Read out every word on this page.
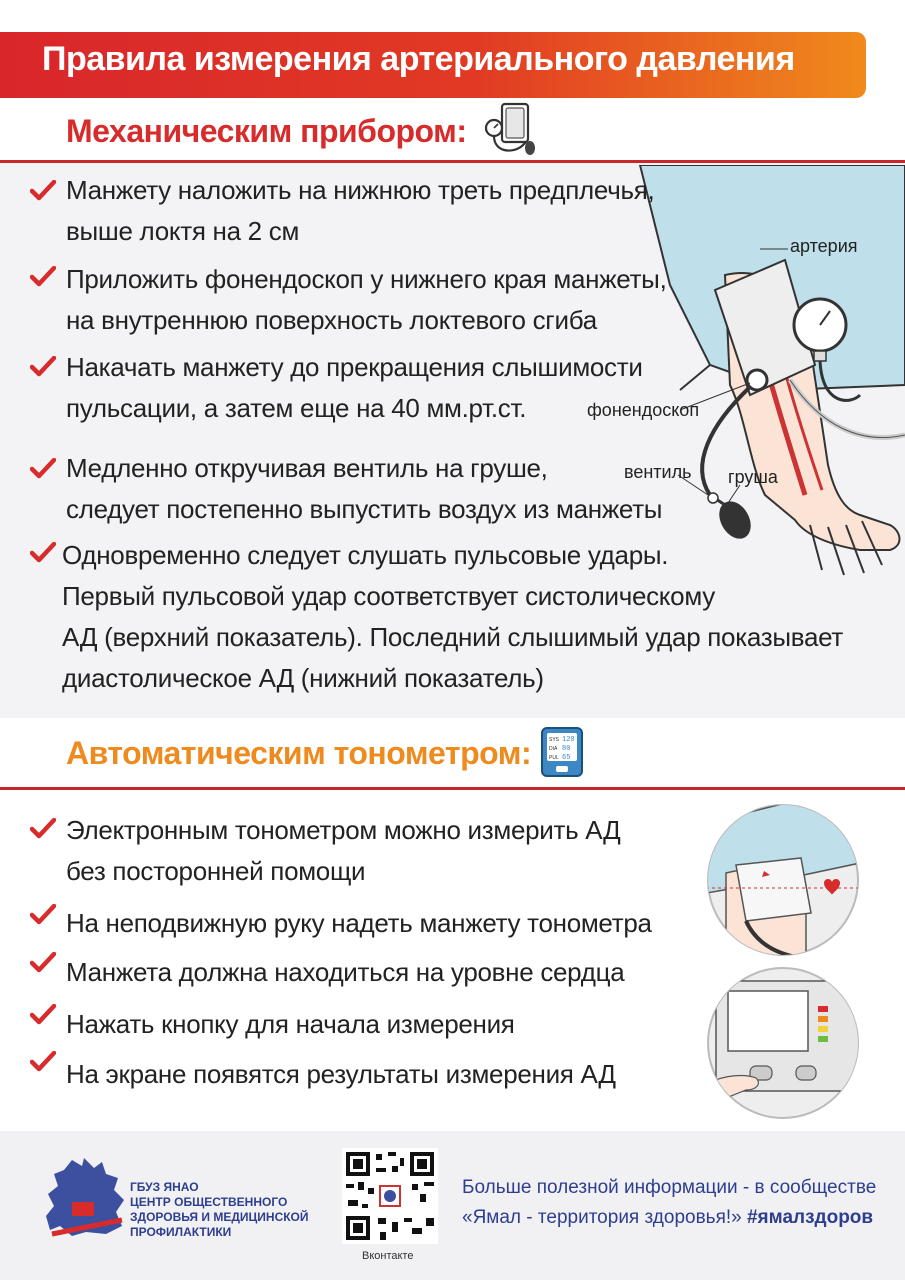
Правила измерения артериального давления
Механическим прибором:
артерия
фонендоскоп
вентиль груша
Манжету наложить на нижнюю треть предплечья,
выше локтя на 2 см
Приложить фонендоскоп у нижнего края манжеты,
на внутреннюю поверхность локтевого сгиба
Накачать манжету до прекращения слышимости
пульсации, а затем еще на 40 мм.рт.ст.
Медленно откручивая вентиль на груше,
следует постепенно выпустить воздух из манжеты
Одновременно следует слушать пульсовые удары.
Первый пульсовой удар соответствует систолическому
АД (верхний показатель). Последний слышимый удар показывает
диастолическое АД (нижний показатель)
Автоматическим тонометром:	SYS
DIA
PUL
120
80
65
Электронным тонометром можно измерить АД
без посторонней помощи
На неподвижную руку надеть манжету тонометра
Манжета должна находиться на уровне сердца
Нажать кнопку для начала измерения
На экране появятся результаты измерения АД
ГБУЗ ЯНАО
ЦЕНТР ОБЩЕСТВЕННОГО
ЗДОРОВЬЯ И МЕДИЦИНСКОЙ
ПРОФИЛАКТИКИ
Вконтакте
Больше полезной информации - в сообществе
«Ямал - территория здоровья!» #ямалздоров
